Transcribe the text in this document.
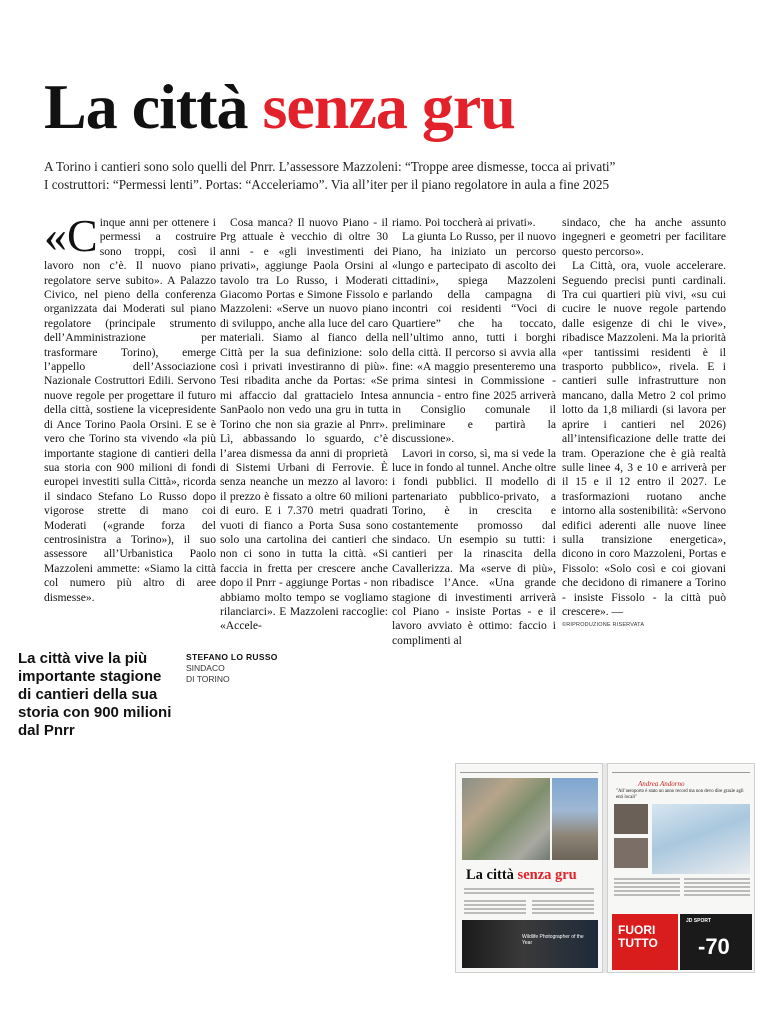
La città senza gru

A Torino i cantieri sono solo quelli del Pnrr. L’assessore Mazzoleni: “Troppe aree dismesse, tocca ai privati”

I costruttori: “Permessi lenti”. Portas: “Acceleriamo”. Via all’iter per il piano regolatore in aula a fine 2025

«C inque anni per ottenere i permessi a costruire sono troppi, così il lavoro non c’è. Il nuovo piano regolatore serve subito». A Palazzo Civico, nel pieno della conferenza organizzata dai Moderati sul piano regolatore (principale strumento dell’Amministrazione per trasformare Torino), emerge l’appello dell’Associazione Nazionale Costruttori Edili. Servono nuove regole per progettare il futuro della città, sostiene la vicepresidente di Ance Torino Paola Orsini. E se è vero che Torino sta vivendo «la più importante stagione di cantieri della sua storia con 900 milioni di fondi europei investiti sulla Città», ricorda il sindaco Stefano Lo Russo dopo vigorose strette di mano coi Moderati («grande forza del centrosinistra a Torino»), il suo assessore all’Urbanistica Paolo Mazzoleni ammette: «Siamo la città col numero più altro di aree dismesse».

Cosa manca? Il nuovo Piano - il Prg attuale è vecchio di oltre 30 anni - e «gli investimenti dei privati», aggiunge Paola Orsini al tavolo tra Lo Russo, i Moderati Giacomo Portas e Simone Fissolo e Mazzoleni: «Serve un nuovo piano di sviluppo, anche alla luce del caro materiali. Siamo al fianco della Città per la sua definizione: solo così i privati investiranno di più». Tesi ribadita anche da Portas: «Se mi affaccio dal grattacielo Intesa SanPaolo non vedo una gru in tutta Torino che non sia grazie al Pnrr». Lì, abbassando lo sguardo, c’è l’area dismessa da anni di proprietà di Sistemi Urbani di Ferrovie. È senza neanche un mezzo al lavoro: il prezzo è fissato a oltre 60 milioni di euro. E i 7.370 metri quadrati vuoti di fianco a Porta Susa sono solo una cartolina dei cantieri che non ci sono in tutta la città. «Si faccia in fretta per crescere anche dopo il Pnrr - aggiunge Portas - non abbiamo molto tempo se vogliamo rilanciarci». E Mazzoleni raccoglie: «Accele-

riamo. Poi toccherà ai privati».

La giunta Lo Russo, per il nuovo Piano, ha iniziato un percorso «lungo e partecipato di ascolto dei cittadini», spiega Mazzoleni parlando della campagna di incontri coi residenti “Voci di Quartiere” che ha toccato, nell’ultimo anno, tutti i borghi della città. Il percorso si avvia alla fine: «A maggio presenteremo una prima sintesi in Commissione - annuncia - entro fine 2025 arriverà in Consiglio comunale il preliminare e partirà la discussione».

Lavori in corso, sì, ma si vede la luce in fondo al tunnel. Anche oltre i fondi pubblici. Il modello di partenariato pubblico-privato, a Torino, è in crescita e costantemente promosso dal sindaco. Un esempio su tutti: i cantieri per la rinascita della Cavallerizza. Ma «serve di più», ribadisce l’Ance. «Una grande stagione di investimenti arriverà col Piano - insiste Portas - e il lavoro avviato è ottimo: faccio i complimenti al

sindaco, che ha anche assunto ingegneri e geometri per facilitare questo percorso».

La Città, ora, vuole accelerare. Seguendo precisi punti cardinali. Tra cui quartieri più vivi, «su cui cucire le nuove regole partendo dalle esigenze di chi le vive», ribadisce Mazzoleni. Ma la priorità «per tantissimi residenti è il trasporto pubblico», rivela. E i cantieri sulle infrastrutture non mancano, dalla Metro 2 col primo lotto da 1,8 miliardi (si lavora per aprire i cantieri nel 2026) all’intensificazione delle tratte dei tram. Operazione che è già realtà sulle linee 4, 3 e 10 e arriverà per il 15 e il 12 entro il 2027. Le trasformazioni ruotano anche intorno alla sostenibilità: «Servono edifici aderenti alle nuove linee sulla transizione energetica», dicono in coro Mazzoleni, Portas e Fissolo: «Solo così e coi giovani che decidono di rimanere a Torino - insiste Fissolo - la città può crescere». —

©RIPRODUZIONE RISERVATA
La città vive la più importante stagione di cantieri della sua storia con 900 milioni dal Pnrr
STEFANO LO RUSSO
SINDACO
DI TORINO
La città senza gru
Wildlife Photographer of the Year
Andrea Andorno
"All’aeroporto è stato un anno record ma non devo dire grazie agli enti locali"
FUORI
TUTTO
JD SPORT
-70
